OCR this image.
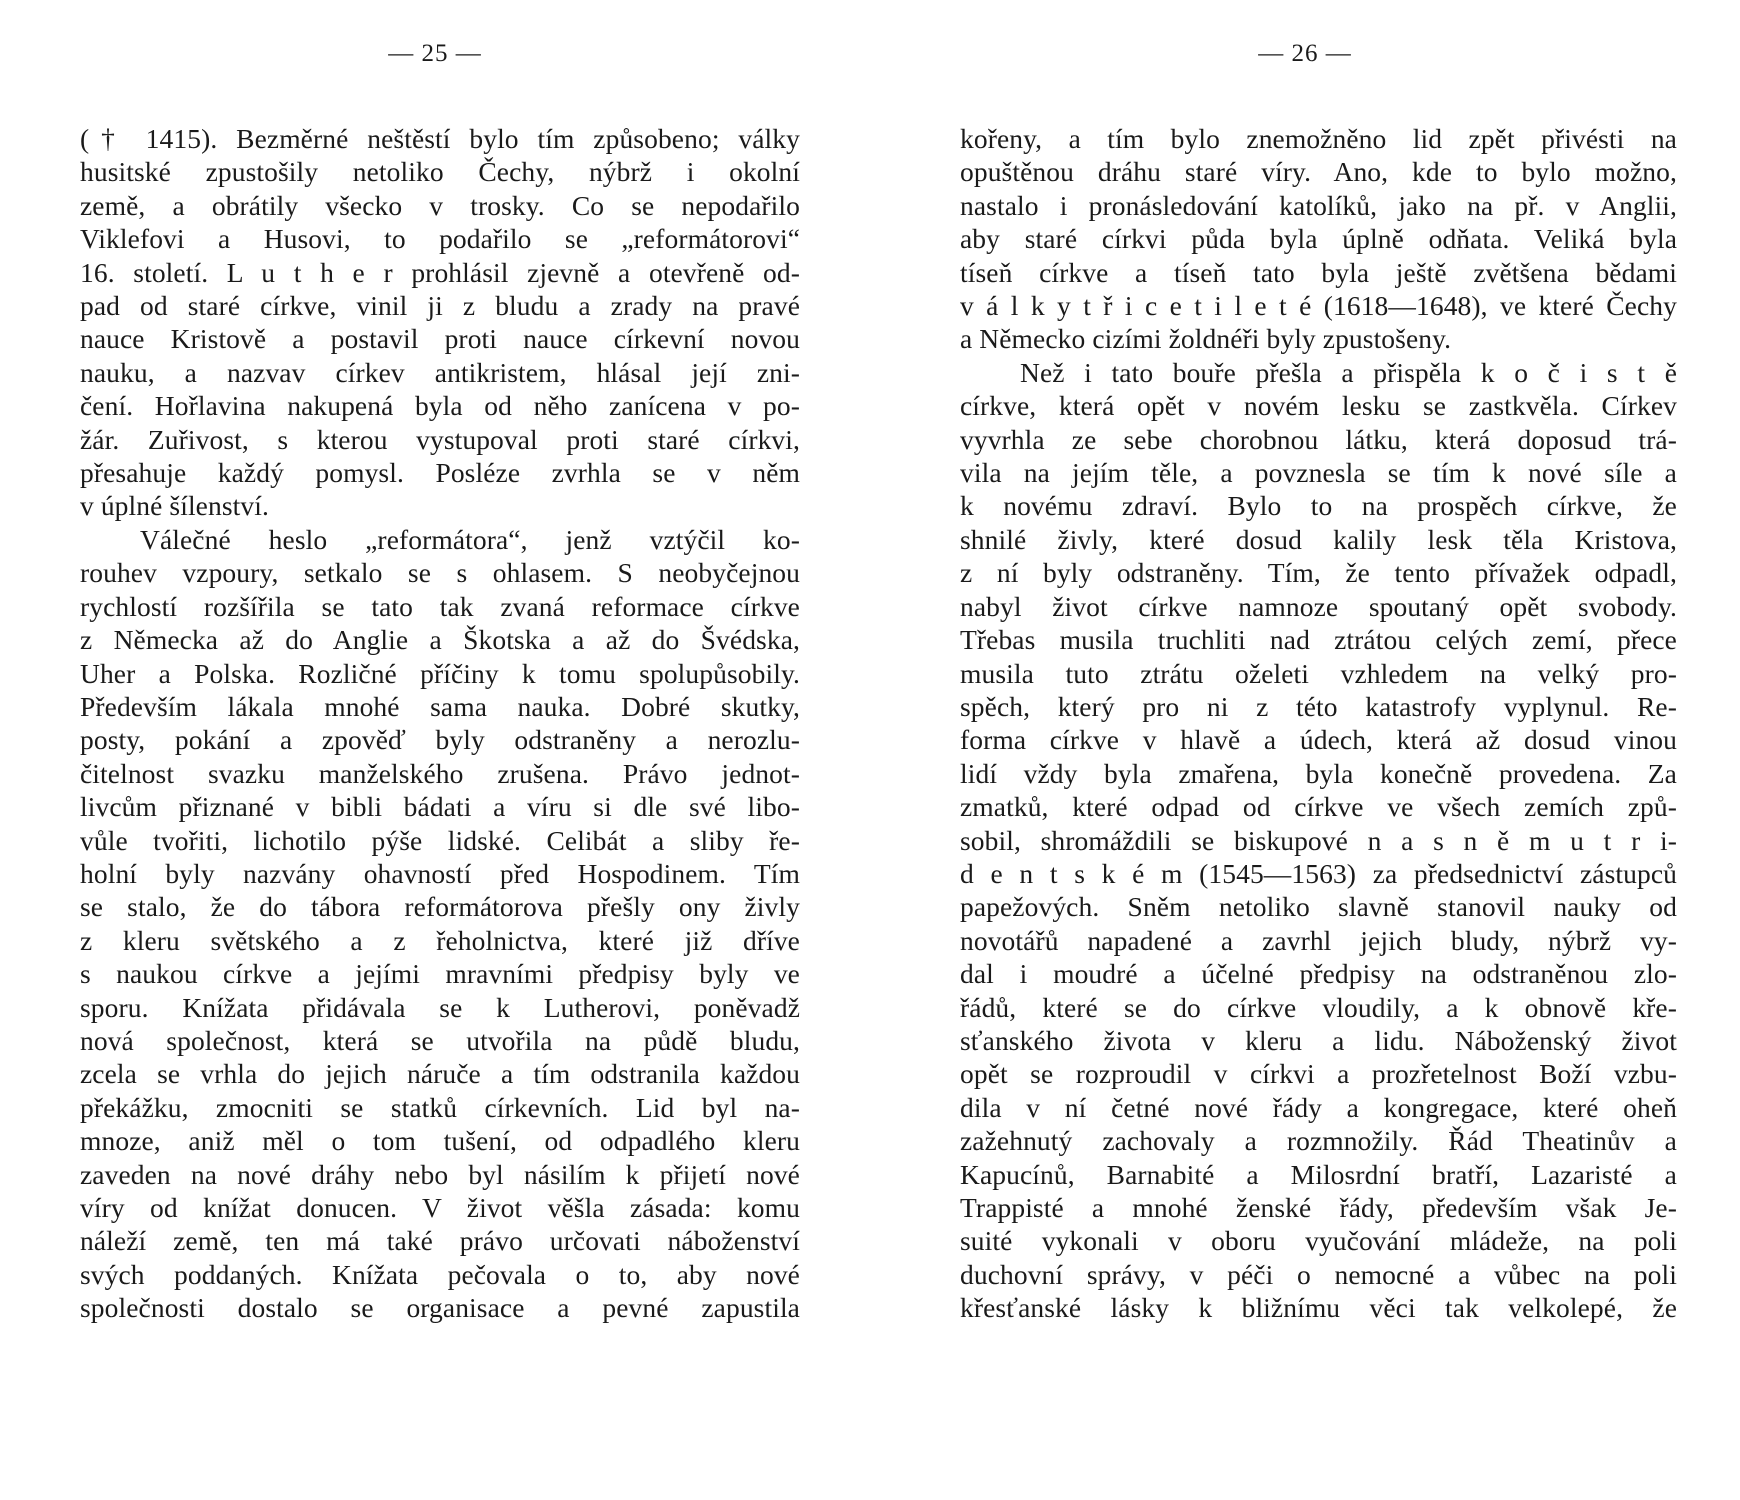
— 25 —
(† 1415). Bezměrné neštěstí bylo tím způsobeno; války
husitské zpustošily netoliko Čechy, nýbrž i okolní
země, a obrátily všecko v trosky. Co se nepodařilo
Viklefovi a Husovi, to podařilo se „reformátorovi“
16. století. L u t h e r prohlásil zjevně a otevřeně od-
pad od staré církve, vinil ji z bludu a zrady na pravé
nauce Kristově a postavil proti nauce církevní novou
nauku, a nazvav církev antikristem, hlásal její zni-
čení. Hořlavina nakupená byla od něho zanícena v po-
žár. Zuřivost, s kterou vystupoval proti staré církvi,
přesahuje každý pomysl. Posléze zvrhla se v něm
v úplné šílenství.
Válečné heslo „reformátora“, jenž vztýčil ko-
rouhev vzpoury, setkalo se s ohlasem. S neobyčejnou
rychlostí rozšířila se tato tak zvaná reformace církve
z Německa až do Anglie a Škotska a až do Švédska,
Uher a Polska. Rozličné příčiny k tomu spolupůsobily.
Především lákala mnohé sama nauka. Dobré skutky,
posty, pokání a zpověď byly odstraněny a nerozlu-
čitelnost svazku manželského zrušena. Právo jednot-
livcům přiznané v bibli bádati a víru si dle své libo-
vůle tvořiti, lichotilo pýše lidské. Celibát a sliby ře-
holní byly nazvány ohavností před Hospodinem. Tím
se stalo, že do tábora reformátorova přešly ony živly
z kleru světského a z řeholnictva, které již dříve
s naukou církve a jejími mravními předpisy byly ve
sporu. Knížata přidávala se k Lutherovi, poněvadž
nová společnost, která se utvořila na půdě bludu,
zcela se vrhla do jejich náruče a tím odstranila každou
překážku, zmocniti se statků církevních. Lid byl na-
mnoze, aniž měl o tom tušení, od odpadlého kleru
zaveden na nové dráhy nebo byl násilím k přijetí nové
víry od knížat donucen. V život věšla zásada: komu
náleží země, ten má také právo určovati náboženství
svých poddaných. Knížata pečovala o to, aby nové
společnosti dostalo se organisace a pevné zapustila
— 26 —
kořeny, a tím bylo znemožněno lid zpět přivésti na
opuštěnou dráhu staré víry. Ano, kde to bylo možno,
nastalo i pronásledování katolíků, jako na př. v Anglii,
aby staré církvi půda byla úplně odňata. Veliká byla
tíseň církve a tíseň tato byla ještě zvětšena bědami
v á l k y t ř i c e t i l e t é (1618—1648), ve které Čechy
a Německo cizími žoldnéři byly zpustošeny.
Než i tato bouře přešla a přispěla k o č i s t ě
církve, která opět v novém lesku se zastkvěla. Církev
vyvrhla ze sebe chorobnou látku, která doposud trá-
vila na jejím těle, a povznesla se tím k nové síle a
k novému zdraví. Bylo to na prospěch církve, že
shnilé živly, které dosud kalily lesk těla Kristova,
z ní byly odstraněny. Tím, že tento přívažek odpadl,
nabyl život církve namnoze spoutaný opět svobody.
Třebas musila truchliti nad ztrátou celých zemí, přece
musila tuto ztrátu oželeti vzhledem na velký pro-
spěch, který pro ni z této katastrofy vyplynul. Re-
forma církve v hlavě a údech, která až dosud vinou
lidí vždy byla zmařena, byla konečně provedena. Za
zmatků, které odpad od církve ve všech zemích způ-
sobil, shromáždili se biskupové n a s n ě m u t r i-
d e n t s k é m (1545—1563) za předsednictví zástupců
papežových. Sněm netoliko slavně stanovil nauky od
novotářů napadené a zavrhl jejich bludy, nýbrž vy-
dal i moudré a účelné předpisy na odstraněnou zlo-
řádů, které se do církve vloudily, a k obnově kře-
sťanského života v kleru a lidu. Náboženský život
opět se rozproudil v církvi a prozřetelnost Boží vzbu-
dila v ní četné nové řády a kongregace, které oheň
zažehnutý zachovaly a rozmnožily. Řád Theatinův a
Kapucínů, Barnabité a Milosrdní bratří, Lazaristé a
Trappisté a mnohé ženské řády, především však Je-
suité vykonali v oboru vyučování mládeže, na poli
duchovní správy, v péči o nemocné a vůbec na poli
křesťanské lásky k bližnímu věci tak velkolepé, že
